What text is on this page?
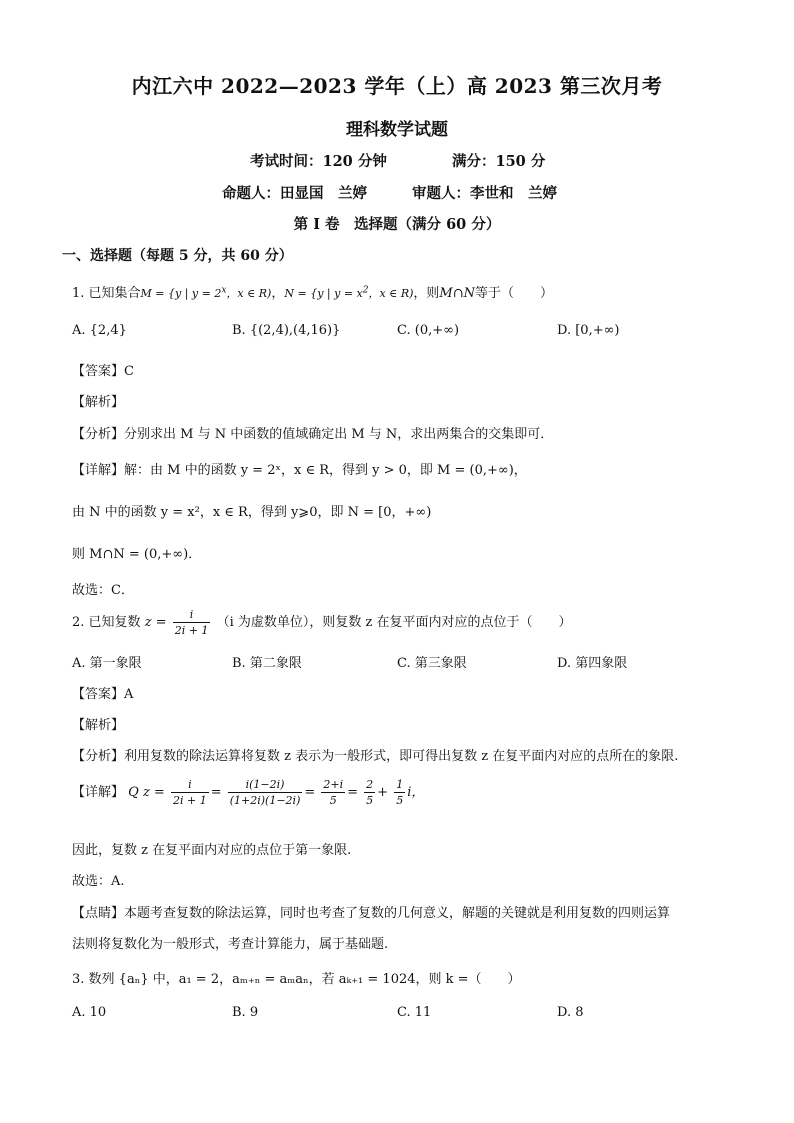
内江六中 2022—2023 学年（上）高 2023 第三次月考
理科数学试题
考试时间：120 分钟	满分：150 分
命题人：田显国　兰婷	审题人：李世和　兰婷
第 I 卷　选择题（满分 60 分）
一、选择题（每题 5 分，共 60 分）
1. 已知集合M = {y | $y = 2^x$，x ∈ R)，N = {y | $y = x^2$，x ∈ R)，则M∩N等于（　　）
A. {2,4}	B. {(2,4),(4,16)}	C. (0,+∞)	D. [0,+∞)
【答案】C
【解析】
【分析】分别求出 M 与 N 中函数的值域确定出 M 与 N，求出两集合的交集即可．
【详解】解：由 M 中的函数 y = 2ˣ，x ∈ R，得到 y > 0，即 M = (0,+∞)，
由 N 中的函数 y = x²，x ∈ R，得到 y⩾0，即 N = [0，+∞)
则 M∩N = (0,+∞)．
故选：C．
2. 已知复数 $z = \frac{i}{2i + 1} (i$ 为虚数单位），则复数 z 在复平面内对应的点位于（　　）
A. 第一象限	B. 第二象限	C. 第三象限	D. 第四象限
【答案】A
【解析】
【分析】利用复数的除法运算将复数 z 表示为一般形式，即可得出复数 z 在复平面内对应的点所在的象限.
【详解】 Q $z = \frac{i}{2i + 1} = \frac{i(1-2i)}{(1+2i)(1-2i)} = \frac{2+i}{5} = \frac{2}{5} + \frac{1}{5}$ i，
因此，复数 z 在复平面内对应的点位于第一象限.
故选：A.
【点睛】本题考查复数的除法运算，同时也考查了复数的几何意义，解题的关键就是利用复数的四则运算
法则将复数化为一般形式，考查计算能力，属于基础题.
3. 数列 {aₙ} 中，a₁ = 2，aₘ₊ₙ = aₘaₙ，若 aₖ₊₁ = 1024，则 k =（　　）
A. 10	B. 9	C. 11	D. 8
